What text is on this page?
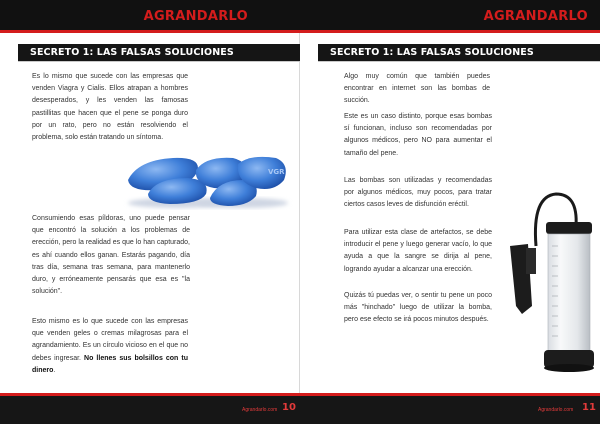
AGRANDARLO
SECRETO 1: LAS FALSAS SOLUCIONES

Es lo mismo que sucede con las empresas que venden Viagra y Cialis. Ellos atrapan a hombres desesperados, y les venden las famosas pastillitas que hacen que el pene se ponga duro por un rato, pero no están resolviendo el problema, solo están tratando un síntoma.

VGR

Consumiendo esas píldoras, uno puede pensar que encontró la solución a los problemas de erección, pero la realidad es que lo han capturado, es ahí cuando ellos ganan. Estarás pagando, día tras día, semana tras semana, para mantenerlo duro, y erróneamente pensarás que esa es "la solución".

Esto mismo es lo que sucede con las empresas que venden geles o cremas milagrosas para el agrandamiento. Es un círculo vicioso en el que no debes ingresar. No llenes sus bolsillos con tu dinero.

Agrandarlo.com 10
AGRANDARLO
SECRETO 1: LAS FALSAS SOLUCIONES

Algo muy común que también puedes encontrar en internet son las bombas de succión.

Este es un caso distinto, porque esas bombas sí funcionan, incluso son recomendadas por algunos médicos, pero NO para aumentar el tamaño del pene.

Las bombas son utilizadas y recomendadas por algunos médicos, muy pocos, para tratar ciertos casos leves de disfunción eréctil.

Para utilizar esta clase de artefactos, se debe introducir el pene y luego generar vacío, lo que ayuda a que la sangre se dirija al pene, logrando ayudar a alcanzar una erección.

Quizás tú puedas ver, o sentir tu pene un poco más "hinchado" luego de utilizar la bomba, pero ese efecto se irá pocos minutos después.

Agrandarlo.com 11
